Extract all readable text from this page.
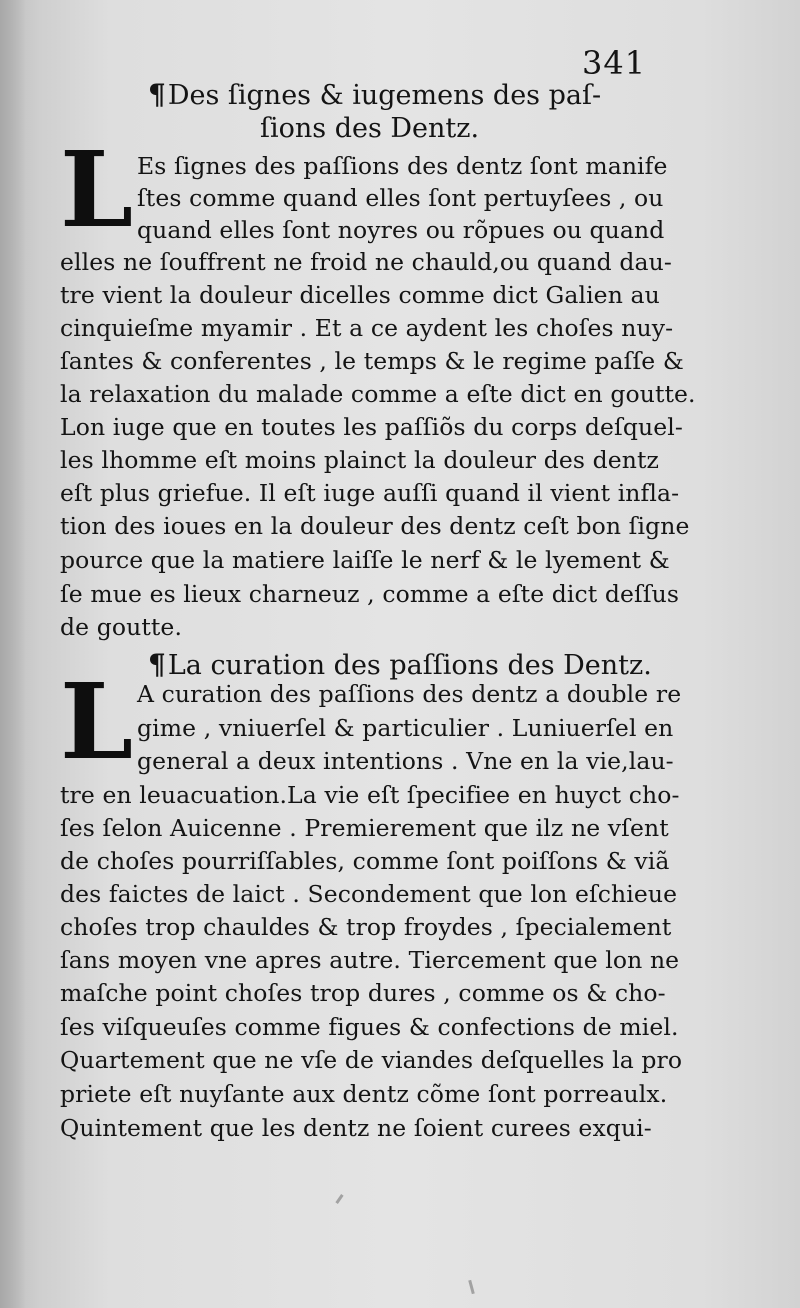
341
¶Des ſignes & iugemens des paſ-
ſions des Dentz.
L Es ſignes des paſſions des dentz ſont manife
ſtes comme quand elles ſont pertuyſees , ou
quand elles ſont noyres ou rõpues ou quand
elles ne ſouffrent ne froid ne chauld,ou quand dau-
tre vient la douleur dicelles comme dict Galien au
cinquieſme myamir . Et a ce aydent les choſes nuy-
ſantes & conferentes , le temps & le regime paſſe &
la relaxation du malade comme a eſte dict en goutte.
Lon iuge que en toutes les paſſiõs du corps deſquel-
les lhomme eſt moins plainct la douleur des dentz
eſt plus griefue. Il eſt iuge auſſi quand il vient infla-
tion des ioues en la douleur des dentz ceſt bon ſigne
pource que la matiere laiſſe le nerf & le lyement &
ſe mue es lieux charneuz , comme a eſte dict deſſus
de goutte.
¶La curation des paſſions des Dentz.
L A curation des paſſions des dentz a double re
gime , vniuerſel & particulier . Luniuerſel en
general a deux intentions . Vne en la vie,lau-
tre en leuacuation.La vie eſt ſpecifiee en huyct cho-
ſes ſelon Auicenne . Premierement que ilz ne vſent
de choſes pourriſſables, comme ſont poiſſons & viã
des faictes de laict . Secondement que lon eſchieue
choſes trop chauldes & trop froydes , ſpecialement
ſans moyen vne apres autre. Tiercement que lon ne
maſche point choſes trop dures , comme os & cho-
ſes viſqueuſes comme figues & confections de miel.
Quartement que ne vſe de viandes deſquelles la pro
priete eſt nuyſante aux dentz cõme ſont porreaulx.
Quintement que les dentz ne ſoient curees exqui-
